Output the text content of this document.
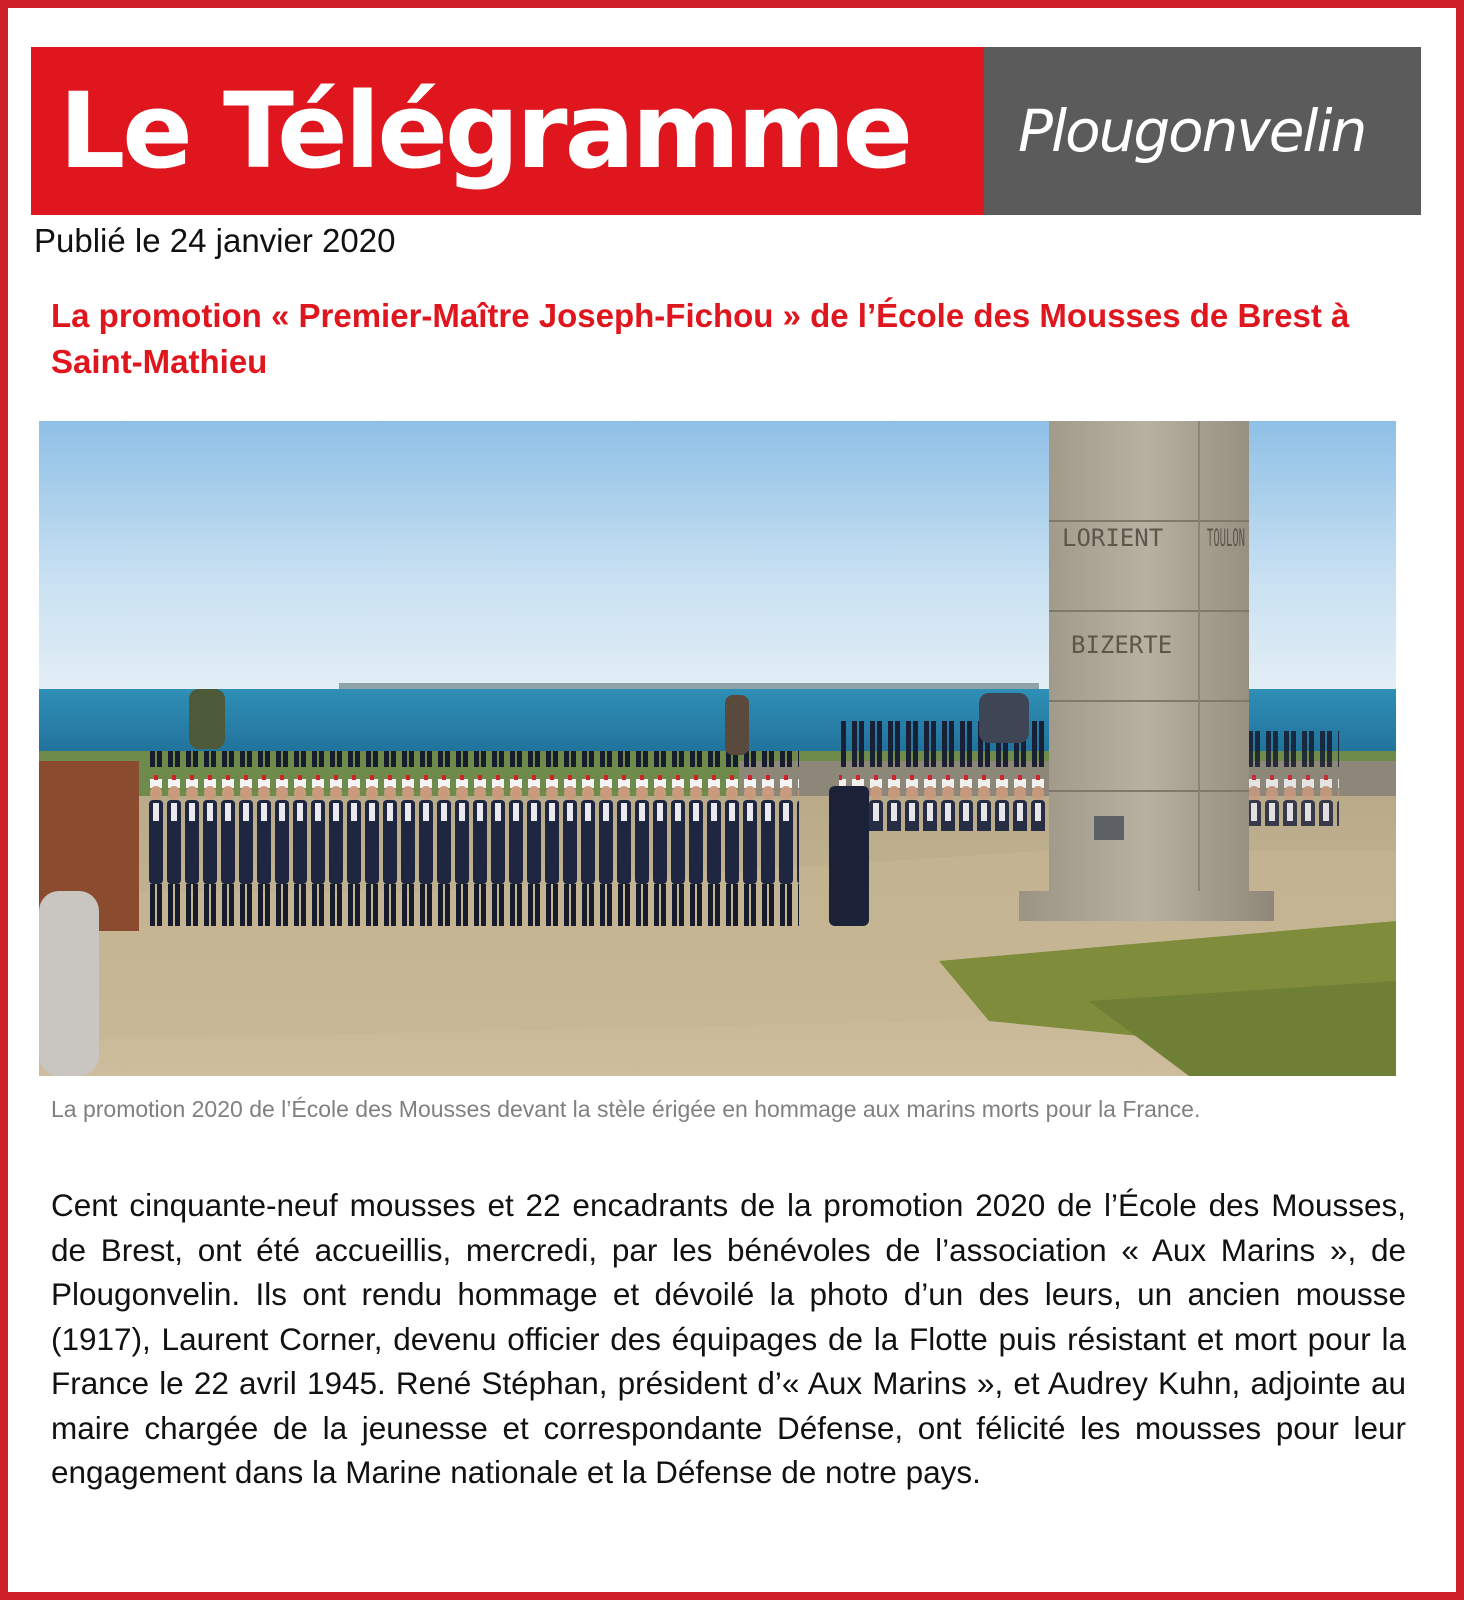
Le Télégramme Plougonvelin
Publié le 24 janvier 2020
La promotion « Premier-Maître Joseph-Fichou » de l’École des Mousses de Brest à Saint-Mathieu
LORIENT TOULON
BIZERTE
La promotion 2020 de l’École des Mousses devant la stèle érigée en hommage aux marins morts pour la France.

Cent cinquante-neuf mousses et 22 encadrants de la promotion 2020 de l’École des Mousses, de Brest, ont été accueillis, mercredi, par les bénévoles de l’association « Aux Marins », de Plougonvelin. Ils ont rendu hommage et dévoilé la photo d’un des leurs, un ancien mousse (1917), Laurent Corner, devenu officier des équipages de la Flotte puis résistant et mort pour la France le 22 avril 1945. René Stéphan, président d’« Aux Marins », et Audrey Kuhn, adjointe au maire chargée de la jeunesse et correspondante Défense, ont félicité les mousses pour leur engagement dans la Marine nationale et la Défense de notre pays.
